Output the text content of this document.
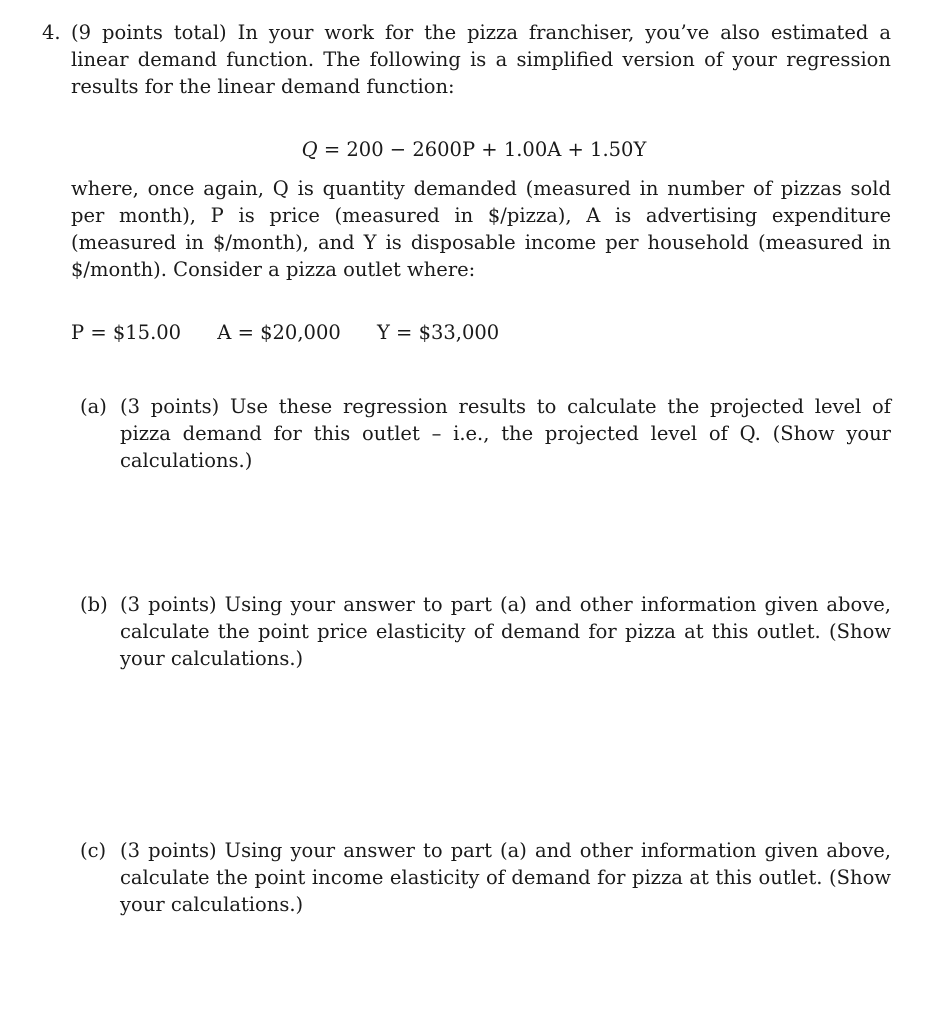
4. (9 points total) In your work for the pizza franchiser, you’ve also estimated a linear demand function. The following is a simplified version of your regression results for the linear demand function:
Q = 200 − 2600P + 1.00A + 1.50Y
where, once again, Q is quantity demanded (measured in number of pizzas sold per month), P is price (measured in $/pizza), A is advertising expenditure (measured in $/month), and Y is disposable income per household (measured in $/month). Consider a pizza outlet where:
P = $15.00 A = $20,000 Y = $33,000
(a) (3 points) Use these regression results to calculate the projected level of pizza demand for this outlet – i.e., the projected level of Q. (Show your calculations.)
(b) (3 points) Using your answer to part (a) and other information given above, calculate the point price elasticity of demand for pizza at this outlet. (Show your calculations.)
(c) (3 points) Using your answer to part (a) and other information given above, calculate the point income elasticity of demand for pizza at this outlet. (Show your calculations.)
